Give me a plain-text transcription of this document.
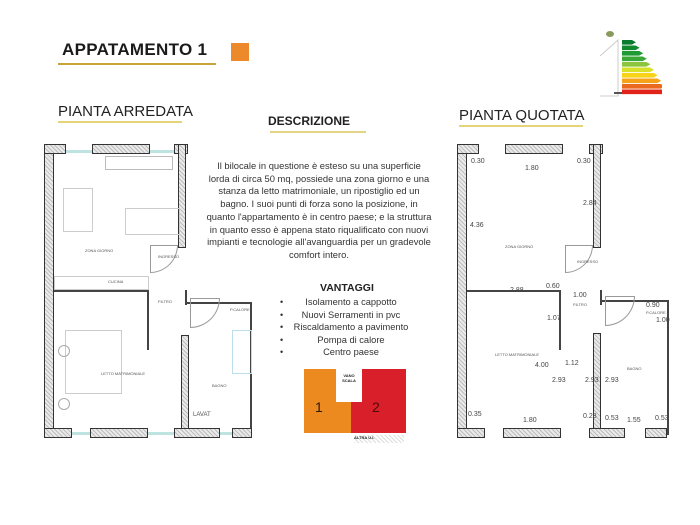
APPATAMENTO 1
PIANTA ARREDATA
ZONA GIORNO
CUCINA
INGRESSO
FILTRO
P.CALORE
LETTO MATRIMONIALE
BAGNO
LAVAT
DESCRIZIONE
Il bilocale in questione è esteso su una superficie lorda di circa 50 mq, possiede una zona giorno e una stanza da letto matrimoniale, un ripostiglio ed un bagno. I suoi punti di forza sono la posizione, in quanto l'appartamento è in centro paese; e la struttura in quanto esso è appena stato riqualificato con nuovi impianti e tecnologie all'avanguardia per un gradevole comfort intero.
VANTAGGI
• Isolamento a cappotto
• Nuovi Serramenti in pvc
• Riscaldamento a pavimento
• Pompa di calore
• Centro paese
VANO SCALA
1	2
ALTRA U.I.
PIANTA QUOTATA
ZONA GIORNO
INGRESSO
FILTRO
P.CALORE
LETTO MATRIMONIALE
BAGNO
0.30
1.80
0.30
2.84
4.36
2.88
0.60
1.00
0.90
1.00
1.07
4.00 1.12
2.93	2.93 2.93
0.35
1.80
0.28 0.53 1.55 0.53
